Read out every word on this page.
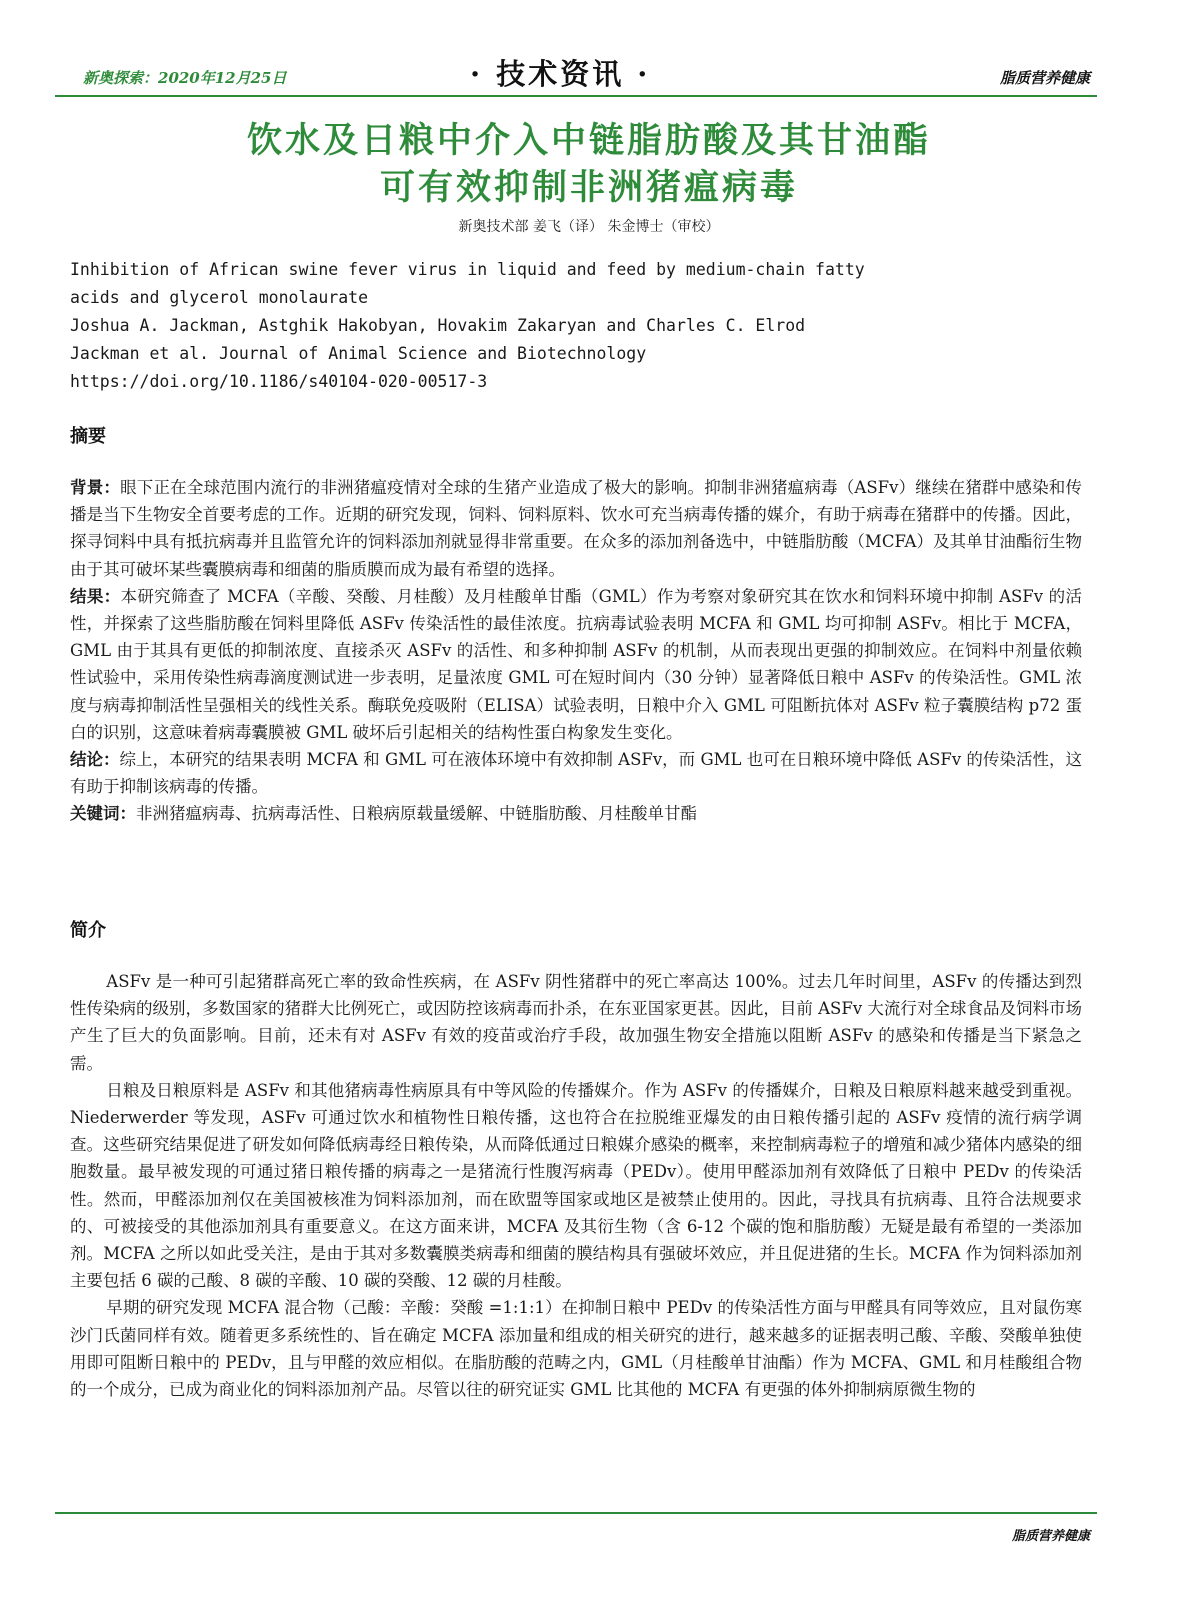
新奥探索：2020年12月25日	· 技术资讯 ·	脂质营养健康
饮水及日粮中介入中链脂肪酸及其甘油酯
可有效抑制非洲猪瘟病毒
新奥技术部 姜飞（译） 朱金博士（审校）
Inhibition of African swine fever virus in liquid and feed by medium-chain fatty
acids and glycerol monolaurate
Joshua A. Jackman, Astghik Hakobyan, Hovakim Zakaryan and Charles C. Elrod
Jackman et al. Journal of Animal Science and Biotechnology
https://doi.org/10.1186/s40104-020-00517-3
摘要
背景：眼下正在全球范围内流行的非洲猪瘟疫情对全球的生猪产业造成了极大的影响。抑制非洲猪瘟病毒（ASFv）继续在猪群中感染和传播是当下生物安全首要考虑的工作。近期的研究发现，饲料、饲料原料、饮水可充当病毒传播的媒介，有助于病毒在猪群中的传播。因此，探寻饲料中具有抵抗病毒并且监管允许的饲料添加剂就显得非常重要。在众多的添加剂备选中，中链脂肪酸（MCFA）及其单甘油酯衍生物由于其可破坏某些囊膜病毒和细菌的脂质膜而成为最有希望的选择。
结果：本研究筛查了 MCFA（辛酸、癸酸、月桂酸）及月桂酸单甘酯（GML）作为考察对象研究其在饮水和饲料环境中抑制 ASFv 的活性，并探索了这些脂肪酸在饲料里降低 ASFv 传染活性的最佳浓度。抗病毒试验表明 MCFA 和 GML 均可抑制 ASFv。相比于 MCFA，GML 由于其具有更低的抑制浓度、直接杀灭 ASFv 的活性、和多种抑制 ASFv 的机制，从而表现出更强的抑制效应。在饲料中剂量依赖性试验中，采用传染性病毒滴度测试进一步表明，足量浓度 GML 可在短时间内（30 分钟）显著降低日粮中 ASFv 的传染活性。GML 浓度与病毒抑制活性呈强相关的线性关系。酶联免疫吸附（ELISA）试验表明，日粮中介入 GML 可阻断抗体对 ASFv 粒子囊膜结构 p72 蛋白的识别，这意味着病毒囊膜被 GML 破坏后引起相关的结构性蛋白构象发生变化。
结论：综上，本研究的结果表明 MCFA 和 GML 可在液体环境中有效抑制 ASFv，而 GML 也可在日粮环境中降低 ASFv 的传染活性，这有助于抑制该病毒的传播。
关键词：非洲猪瘟病毒、抗病毒活性、日粮病原载量缓解、中链脂肪酸、月桂酸单甘酯
简介

ASFv 是一种可引起猪群高死亡率的致命性疾病，在 ASFv 阴性猪群中的死亡率高达 100%。过去几年时间里，ASFv 的传播达到烈性传染病的级别，多数国家的猪群大比例死亡，或因防控该病毒而扑杀，在东亚国家更甚。因此，目前 ASFv 大流行对全球食品及饲料市场产生了巨大的负面影响。目前，还未有对 ASFv 有效的疫苗或治疗手段，故加强生物安全措施以阻断 ASFv 的感染和传播是当下紧急之需。

日粮及日粮原料是 ASFv 和其他猪病毒性病原具有中等风险的传播媒介。作为 ASFv 的传播媒介，日粮及日粮原料越来越受到重视。Niederwerder 等发现，ASFv 可通过饮水和植物性日粮传播，这也符合在拉脱维亚爆发的由日粮传播引起的 ASFv 疫情的流行病学调查。这些研究结果促进了研发如何降低病毒经日粮传染，从而降低通过日粮媒介感染的概率，来控制病毒粒子的增殖和减少猪体内感染的细胞数量。最早被发现的可通过猪日粮传播的病毒之一是猪流行性腹泻病毒（PEDv）。使用甲醛添加剂有效降低了日粮中 PEDv 的传染活性。然而，甲醛添加剂仅在美国被核准为饲料添加剂，而在欧盟等国家或地区是被禁止使用的。因此，寻找具有抗病毒、且符合法规要求的、可被接受的其他添加剂具有重要意义。在这方面来讲，MCFA 及其衍生物（含 6-12 个碳的饱和脂肪酸）无疑是最有希望的一类添加剂。MCFA 之所以如此受关注，是由于其对多数囊膜类病毒和细菌的膜结构具有强破坏效应，并且促进猪的生长。MCFA 作为饲料添加剂主要包括 6 碳的己酸、8 碳的辛酸、10 碳的癸酸、12 碳的月桂酸。

早期的研究发现 MCFA 混合物（己酸：辛酸：癸酸 =1:1:1）在抑制日粮中 PEDv 的传染活性方面与甲醛具有同等效应，且对鼠伤寒沙门氏菌同样有效。随着更多系统性的、旨在确定 MCFA 添加量和组成的相关研究的进行，越来越多的证据表明己酸、辛酸、癸酸单独使用即可阻断日粮中的 PEDv，且与甲醛的效应相似。在脂肪酸的范畴之内，GML（月桂酸单甘油酯）作为 MCFA、GML 和月桂酸组合物的一个成分，已成为商业化的饲料添加剂产品。尽管以往的研究证实 GML 比其他的 MCFA 有更强的体外抑制病原微生物的

脂质营养健康
